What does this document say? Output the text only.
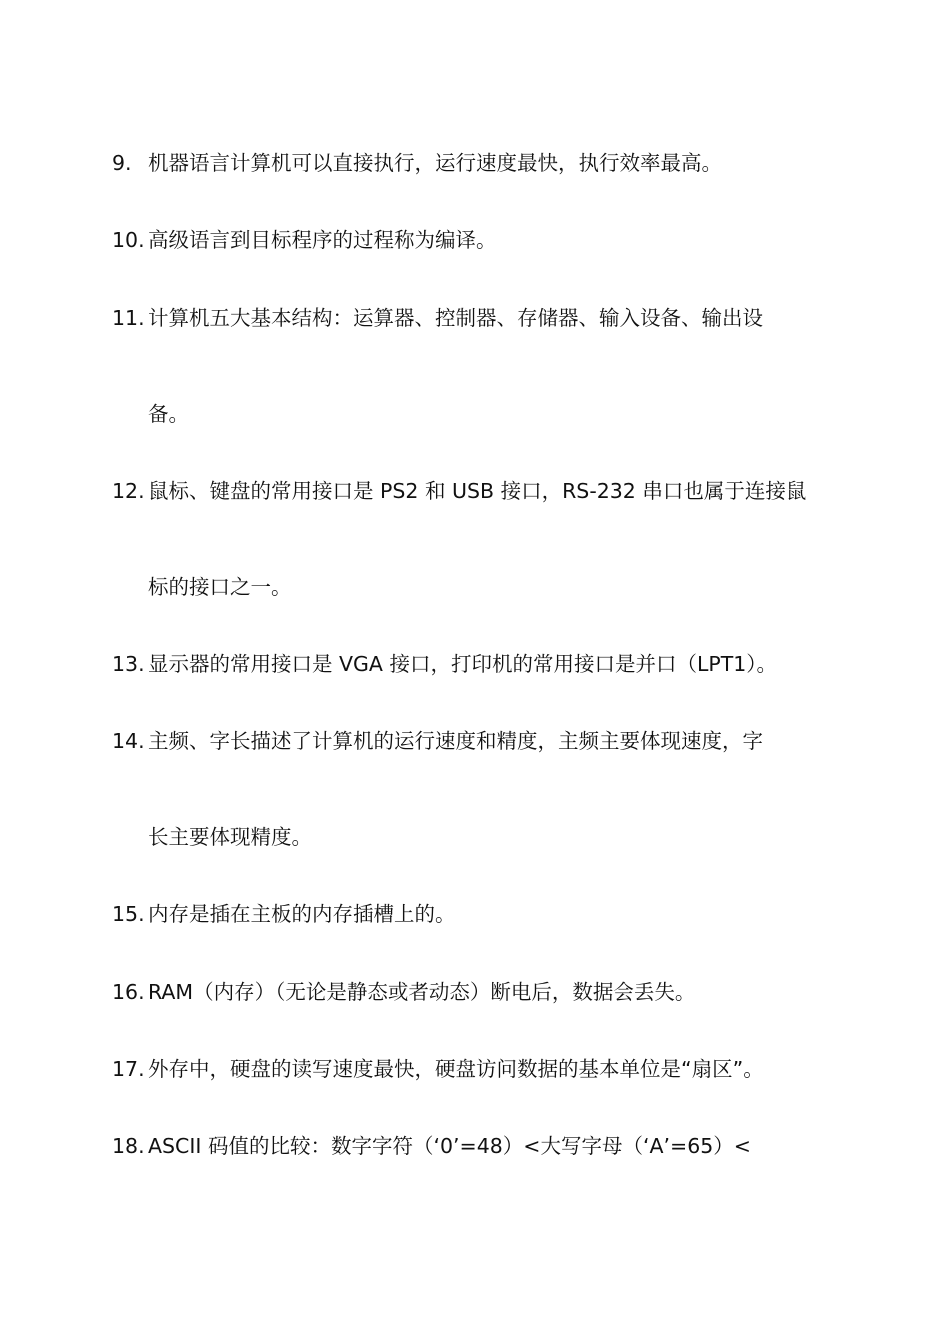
9. 机器语言计算机可以直接执行，运行速度最快，执行效率最高。
10. 高级语言到目标程序的过程称为编译。
11. 计算机五大基本结构：运算器、控制器、存储器、输入设备、输出设
备。
12. 鼠标、键盘的常用接口是 PS2 和 USB 接口，RS-232 串口也属于连接鼠
标的接口之一。
13. 显示器的常用接口是 VGA 接口，打印机的常用接口是并口（LPT1）。
14. 主频、字长描述了计算机的运行速度和精度，主频主要体现速度，字
长主要体现精度。
15. 内存是插在主板的内存插槽上的。
16. RAM（内存）（无论是静态或者动态）断电后，数据会丢失。
17. 外存中，硬盘的读写速度最快，硬盘访问数据的基本单位是“扇区”。
18. ASCII 码值的比较：数字字符（‘0’=48）<大写字母（‘A’=65）<
